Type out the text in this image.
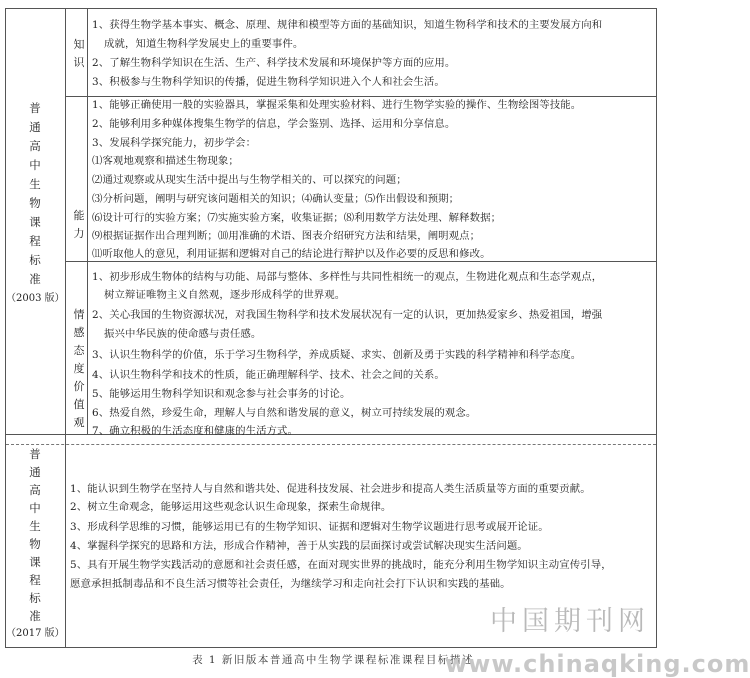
普
通
高
中
生
物
课
程
标
准
（2003 版）
普
通
高
中
生
物
课
程
标
准
（2017 版）
知
识
能
力
情
感
态
度
价
值
观
1、获得生物学基本事实、概念、原理、规律和模型等方面的基础知识，知道生物科学和技术的主要发展方向和
成就，知道生物科学发展史上的重要事件。
2、了解生物科学知识在生活、生产、科学技术发展和环境保护等方面的应用。
3、积极参与生物科学知识的传播，促进生物科学知识进入个人和社会生活。
1、能够正确使用一般的实验器具，掌握采集和处理实验材料、进行生物学实验的操作、生物绘图等技能。
2、能够利用多种媒体搜集生物学的信息，学会鉴别、选择、运用和分享信息。
3、发展科学探究能力，初步学会：
⑴客观地观察和描述生物现象；
⑵通过观察或从现实生活中提出与生物学相关的、可以探究的问题；
⑶分析问题，阐明与研究该问题相关的知识；⑷确认变量；⑸作出假设和预期；
⑹设计可行的实验方案；⑺实施实验方案，收集证据；⑻利用数学方法处理、解释数据；
⑼根据证据作出合理判断；⑽用准确的术语、图表介绍研究方法和结果，阐明观点；
⑾听取他人的意见，利用证据和逻辑对自己的结论进行辩护以及作必要的反思和修改。
1、初步形成生物体的结构与功能、局部与整体、多样性与共同性相统一的观点，生物进化观点和生态学观点，
树立辩证唯物主义自然观，逐步形成科学的世界观。
2、关心我国的生物资源状况，对我国生物科学和技术发展状况有一定的认识，更加热爱家乡、热爱祖国，增强
振兴中华民族的使命感与责任感。
3、认识生物科学的价值，乐于学习生物科学，养成质疑、求实、创新及勇于实践的科学精神和科学态度。
4、认识生物科学和技术的性质，能正确理解科学、技术、社会之间的关系。
5、能够运用生物科学知识和观念参与社会事务的讨论。
6、热爱自然，珍爱生命，理解人与自然和谐发展的意义，树立可持续发展的观念。
7、确立积极的生活态度和健康的生活方式。
1、能认识到生物学在坚持人与自然和谐共处、促进科技发展、社会进步和提高人类生活质量等方面的重要贡献。
2、树立生命观念，能够运用这些观念认识生命现象，探索生命规律。
3、形成科学思维的习惯，能够运用已有的生物学知识、证据和逻辑对生物学议题进行思考或展开论证。
4、掌握科学探究的思路和方法，形成合作精神，善于从实践的层面探讨或尝试解决现实生活问题。
5、具有开展生物学实践活动的意愿和社会责任感，在面对现实世界的挑战时，能充分利用生物学知识主动宣传引导，
愿意承担抵制毒品和不良生活习惯等社会责任，为继续学习和走向社会打下认识和实践的基础。
中国期刊网
表 1 新旧版本普通高中生物学课程标准课程目标描述
www.chinaqking.com
